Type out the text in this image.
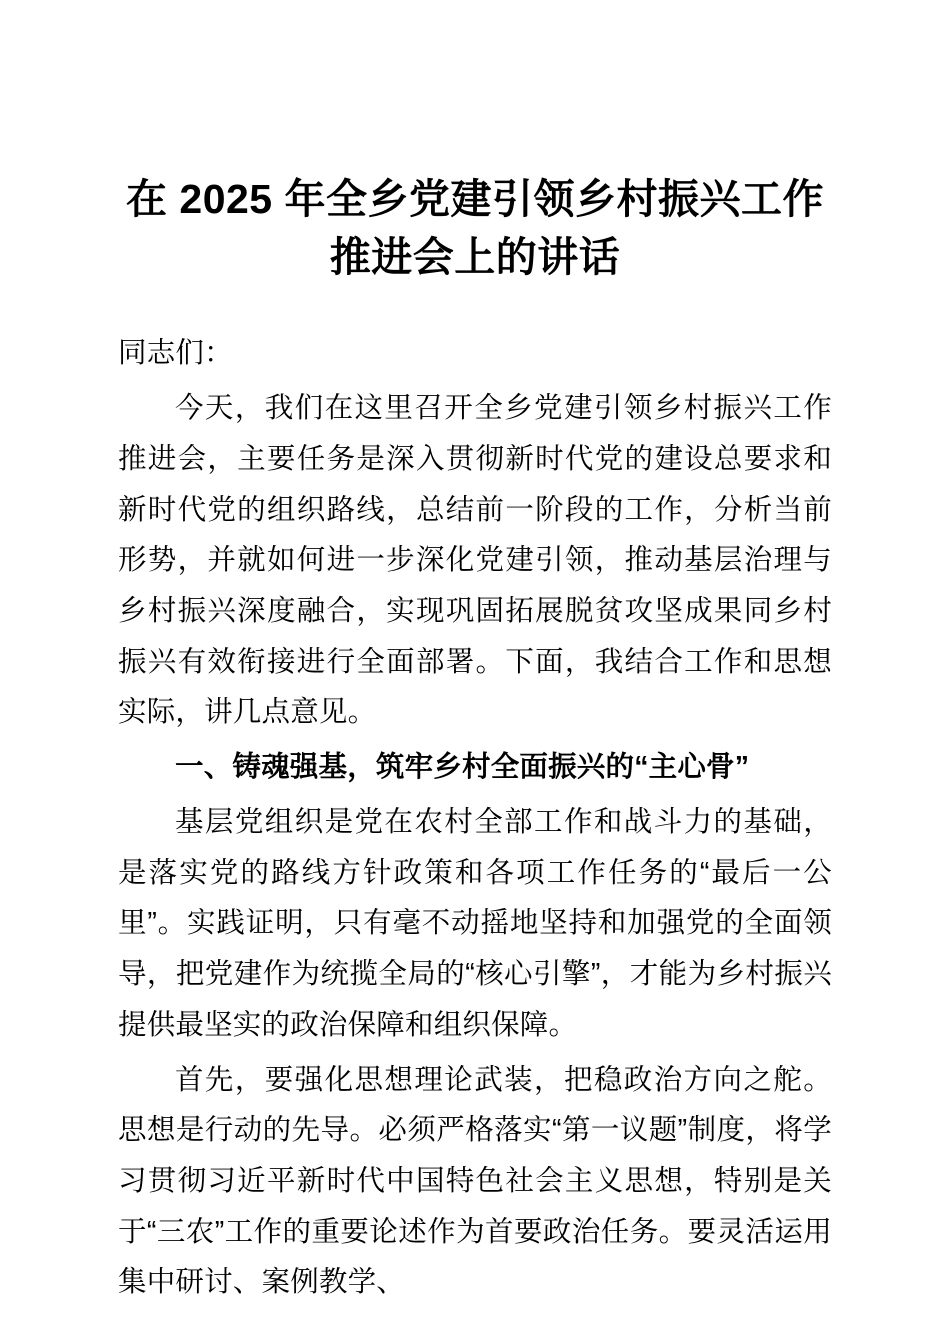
在 2025 年全乡党建引领乡村振兴工作推进会上的讲话

同志们：

今天，我们在这里召开全乡党建引领乡村振兴工作推进会，主要任务是深入贯彻新时代党的建设总要求和新时代党的组织路线，总结前一阶段的工作，分析当前形势，并就如何进一步深化党建引领，推动基层治理与乡村振兴深度融合，实现巩固拓展脱贫攻坚成果同乡村振兴有效衔接进行全面部署。下面，我结合工作和思想实际，讲几点意见。

一、铸魂强基，筑牢乡村全面振兴的“主心骨”

基层党组织是党在农村全部工作和战斗力的基础，是落实党的路线方针政策和各项工作任务的“最后一公里”。实践证明，只有毫不动摇地坚持和加强党的全面领导，把党建作为统揽全局的“核心引擎”，才能为乡村振兴提供最坚实的政治保障和组织保障。

首先，要强化思想理论武装，把稳政治方向之舵。思想是行动的先导。必须严格落实“第一议题”制度，将学习贯彻习近平新时代中国特色社会主义思想，特别是关于“三农”工作的重要论述作为首要政治任务。要灵活运用集中研讨、案例教学、
